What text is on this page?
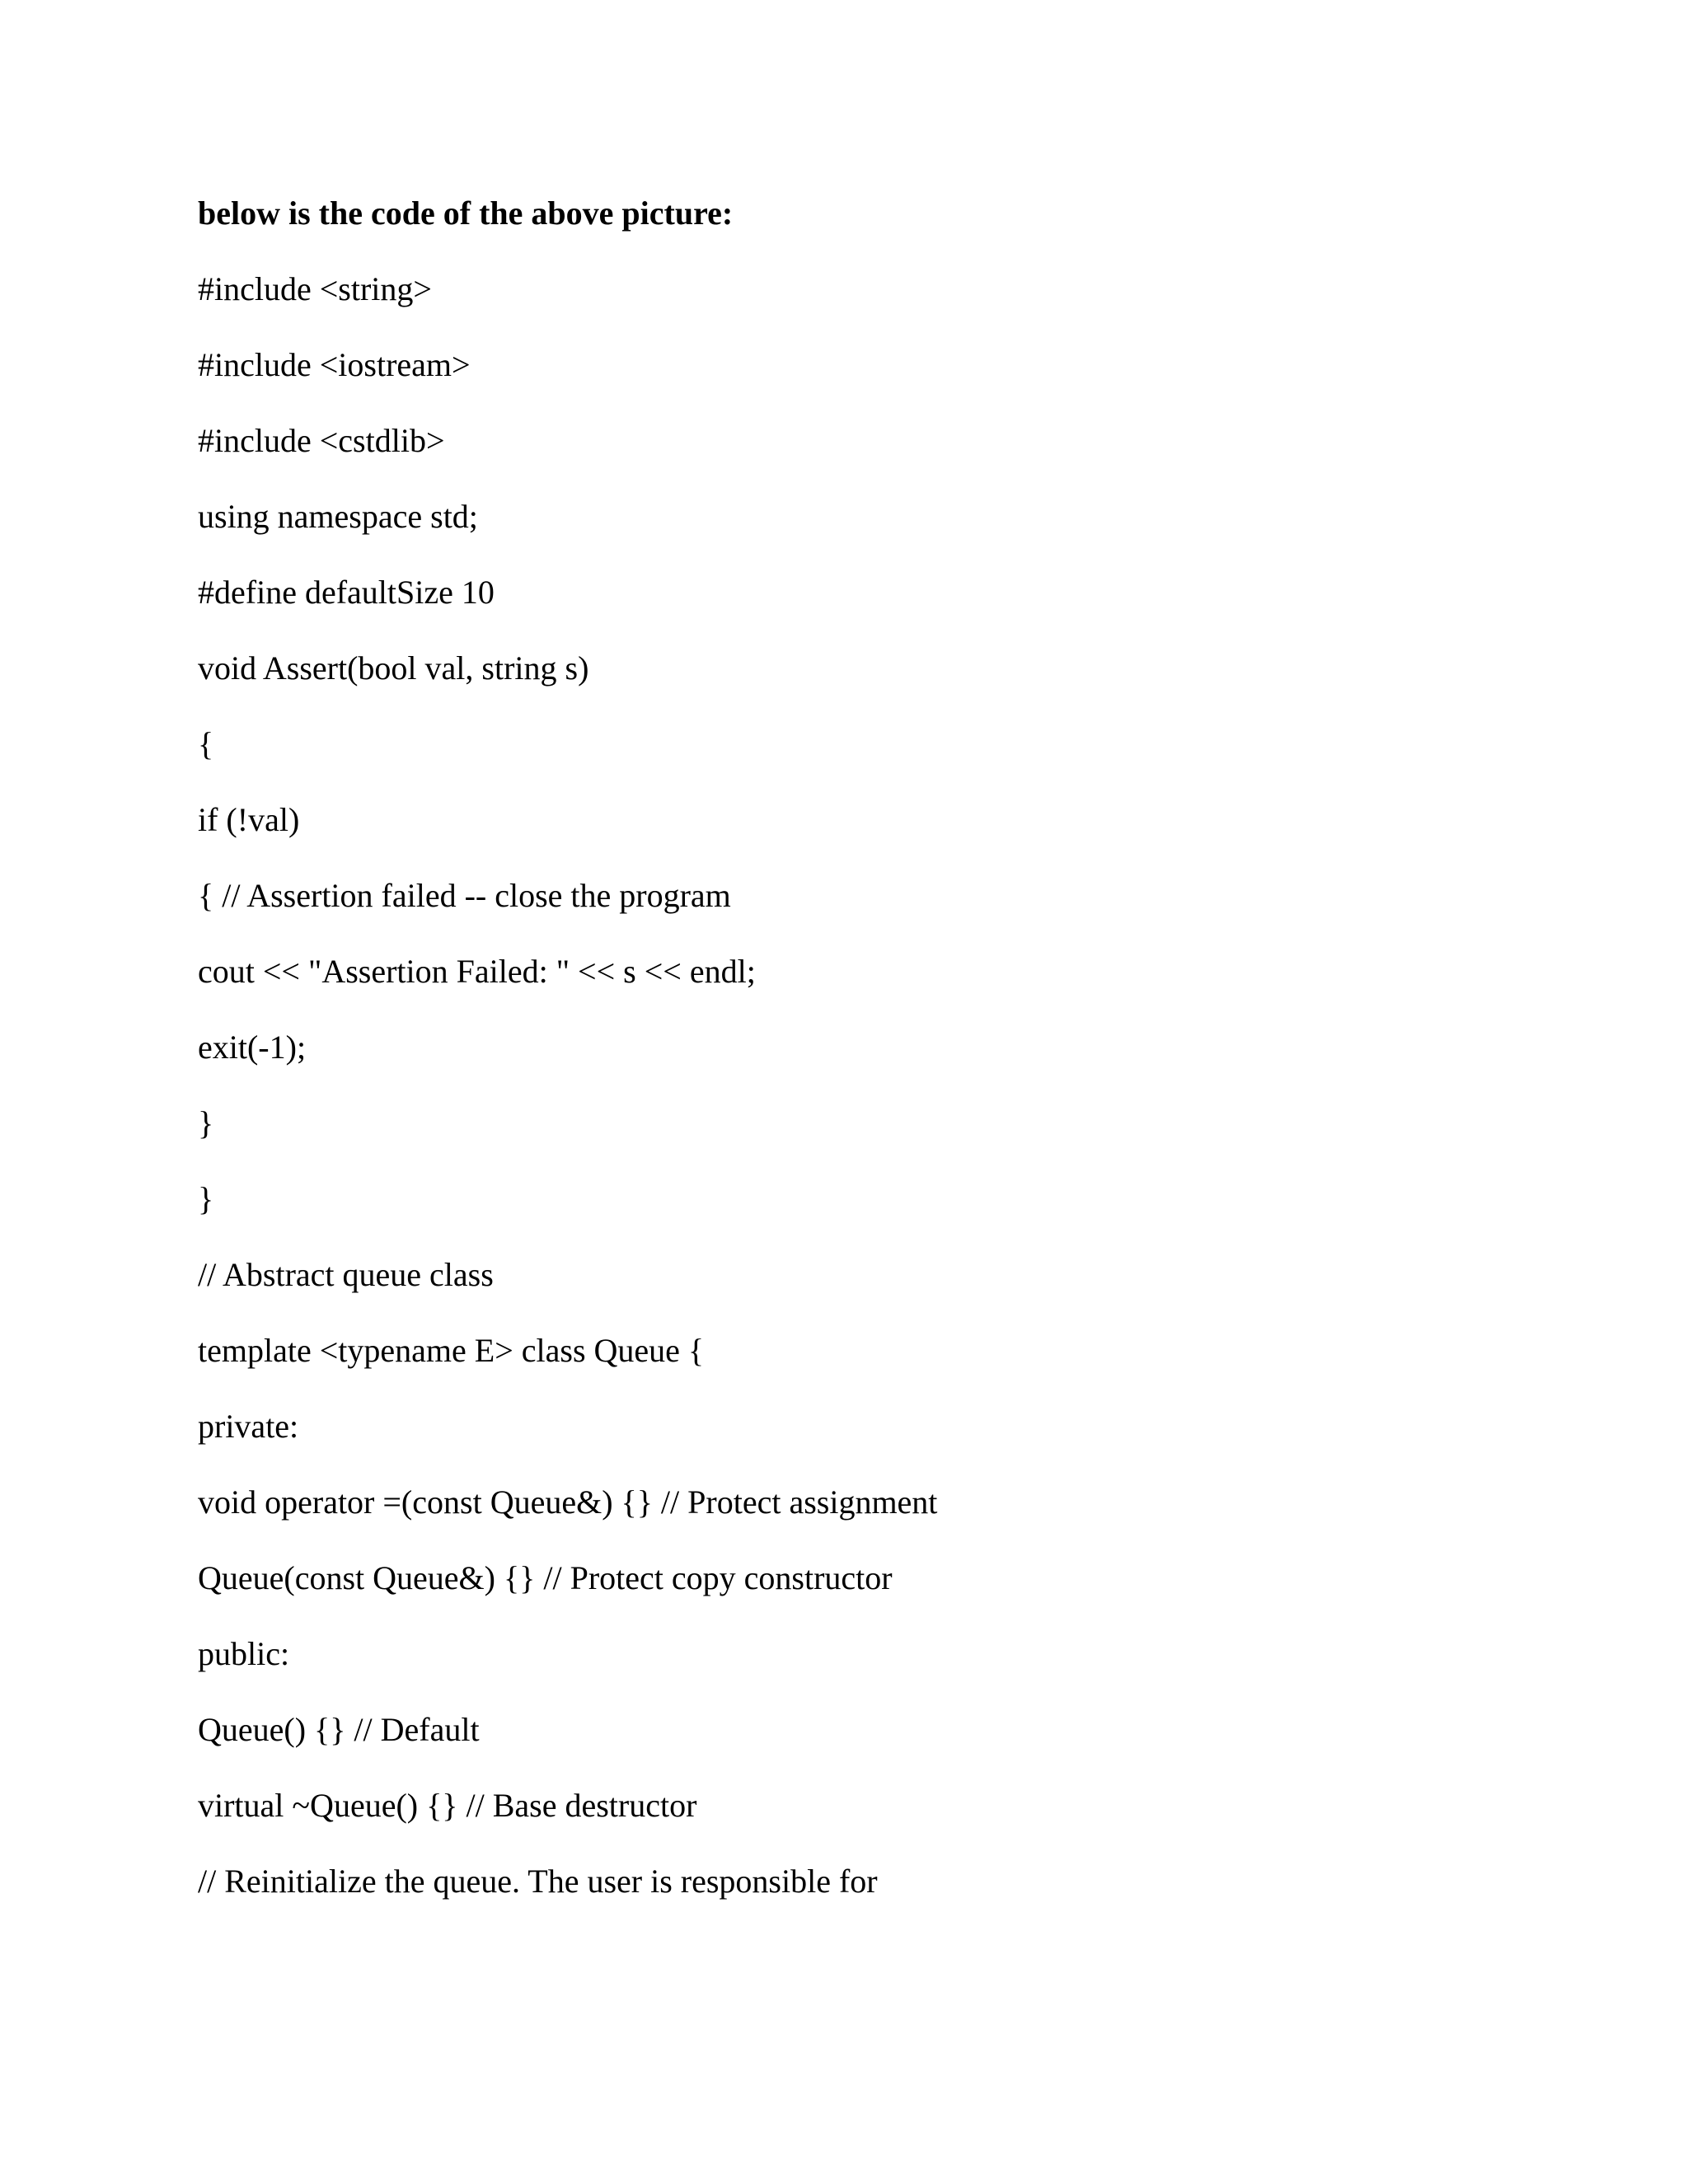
below is the code of the above picture:
#include <string>
#include <iostream>
#include <cstdlib>
using namespace std;
#define defaultSize 10
void Assert(bool val, string s)
{
if (!val)
{ // Assertion failed -- close the program
cout << "Assertion Failed: " << s << endl;
exit(-1);
}
}
// Abstract queue class
template <typename E> class Queue {
private:
void operator =(const Queue&) {} // Protect assignment
Queue(const Queue&) {} // Protect copy constructor
public:
Queue() {} // Default
virtual ~Queue() {} // Base destructor
// Reinitialize the queue. The user is responsible for
